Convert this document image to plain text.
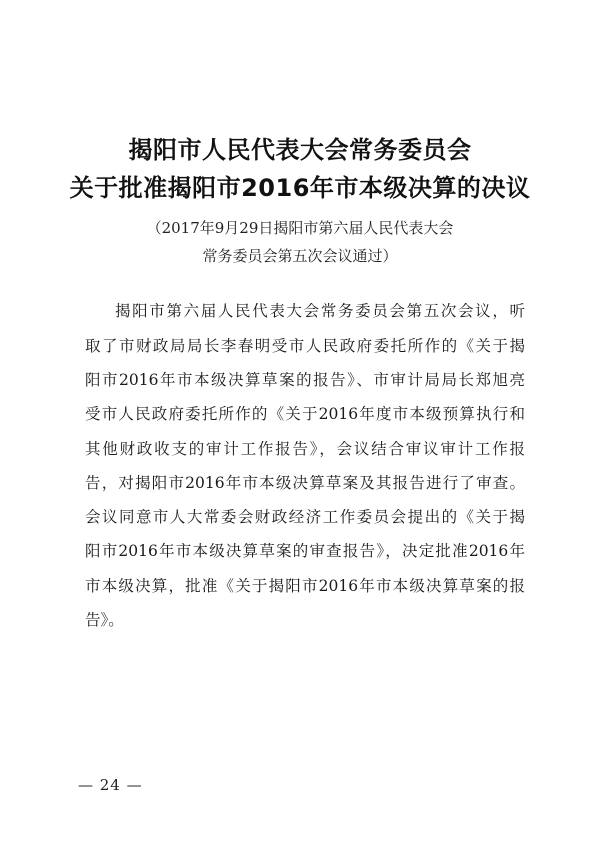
揭阳市人民代表大会常务委员会
关于批准揭阳市2016年市本级决算的决议
（2017年9月29日揭阳市第六届人民代表大会
常务委员会第五次会议通过）
揭阳市第六届人民代表大会常务委员会第五次会议，听
取了市财政局局长李春明受市人民政府委托所作的《关于揭
阳市2016年市本级决算草案的报告》、市审计局局长郑旭亮
受市人民政府委托所作的《关于2016年度市本级预算执行和
其他财政收支的审计工作报告》，会议结合审议审计工作报
告，对揭阳市2016年市本级决算草案及其报告进行了审查。
会议同意市人大常委会财政经济工作委员会提出的《关于揭
阳市2016年市本级决算草案的审查报告》，决定批准2016年
市本级决算，批准《关于揭阳市2016年市本级决算草案的报
告》。
— 24 —
